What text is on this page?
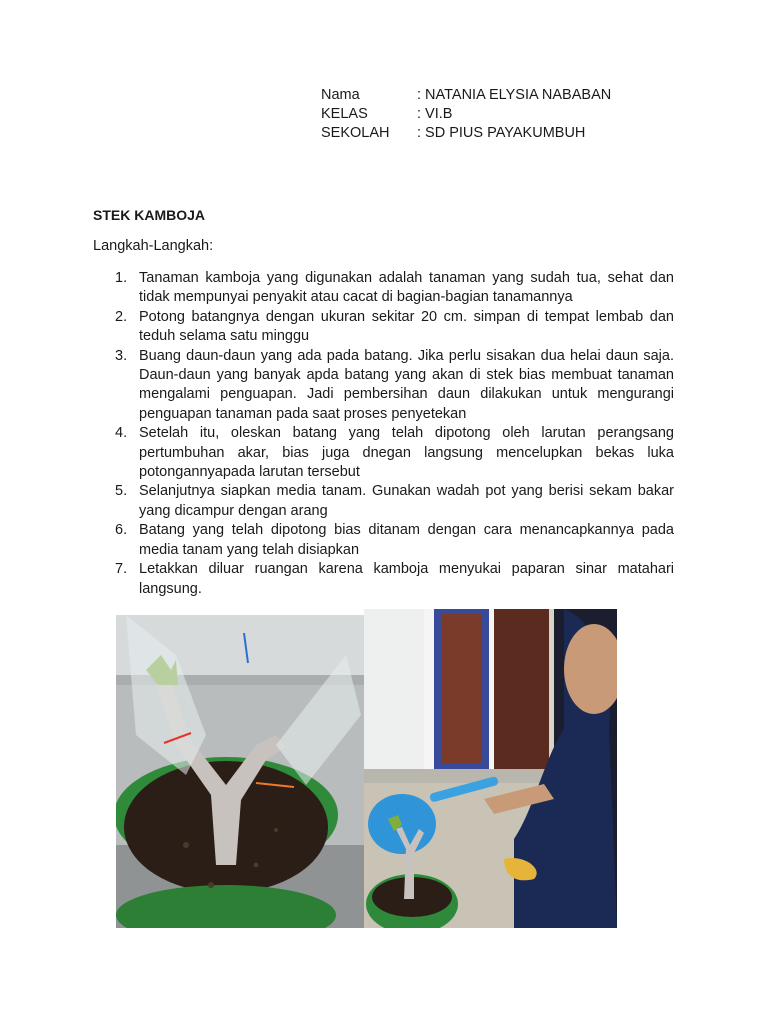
Nama	: NATANIA ELYSIA NABABAN
KELAS	: VI.B
SEKOLAH	: SD PIUS PAYAKUMBUH
STEK KAMBOJA
Langkah-Langkah:
1. Tanaman kamboja yang digunakan adalah tanaman yang sudah tua, sehat dan tidak mempunyai penyakit atau cacat di bagian-bagian tanamannya
2. Potong batangnya dengan ukuran sekitar 20 cm. simpan di tempat lembab dan teduh selama satu minggu
3. Buang daun-daun yang ada pada batang. Jika perlu sisakan dua helai daun saja. Daun-daun yang banyak apda batang yang akan di stek bias membuat tanaman mengalami penguapan. Jadi pembersihan daun dilakukan untuk mengurangi penguapan tanaman pada saat proses penyetekan
4. Setelah itu, oleskan batang yang telah dipotong oleh larutan perangsang pertumbuhan akar, bias juga dnegan langsung mencelupkan bekas luka potongannyapada larutan tersebut
5. Selanjutnya siapkan media tanam. Gunakan wadah pot yang berisi sekam bakar yang dicampur dengan arang
6. Batang yang telah dipotong bias ditanam dengan cara menancapkannya pada media tanam yang telah disiapkan
7. Letakkan diluar ruangan karena kamboja menyukai paparan sinar matahari langsung.
